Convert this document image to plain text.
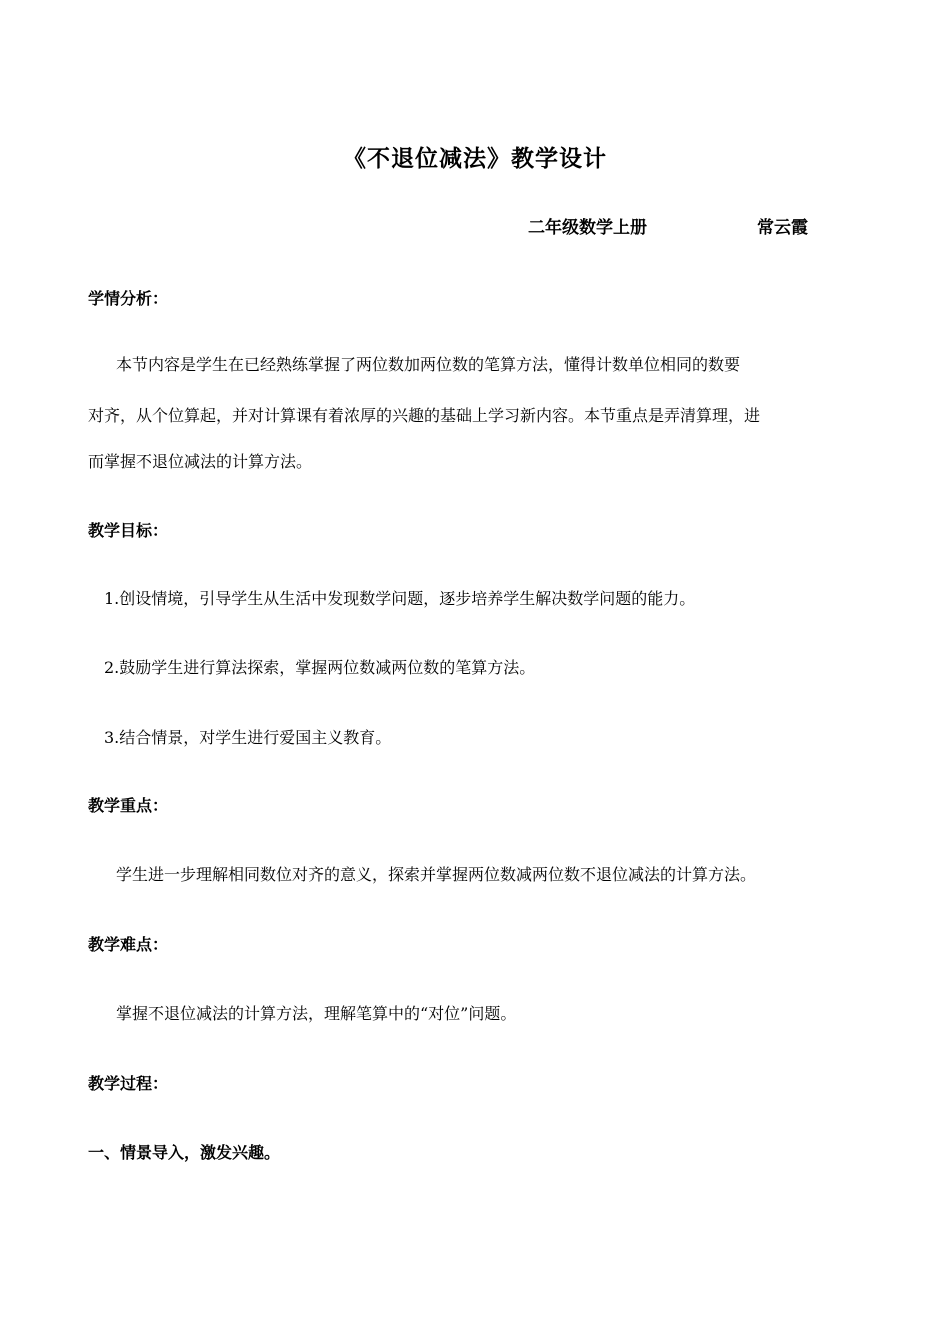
《不退位减法》教学设计
二年级数学上册	常云霞
学情分析：
本节内容是学生在已经熟练掌握了两位数加两位数的笔算方法，懂得计数单位相同的数要
对齐，从个位算起，并对计算课有着浓厚的兴趣的基础上学习新内容。本节重点是弄清算理，进
而掌握不退位减法的计算方法。
教学目标：
1.创设情境，引导学生从生活中发现数学问题，逐步培养学生解决数学问题的能力。
2.鼓励学生进行算法探索，掌握两位数减两位数的笔算方法。
3.结合情景，对学生进行爱国主义教育。
教学重点：
学生进一步理解相同数位对齐的意义，探索并掌握两位数减两位数不退位减法的计算方法。
教学难点：
掌握不退位减法的计算方法，理解笔算中的“对位”问题。
教学过程：
一、情景导入，激发兴趣。
